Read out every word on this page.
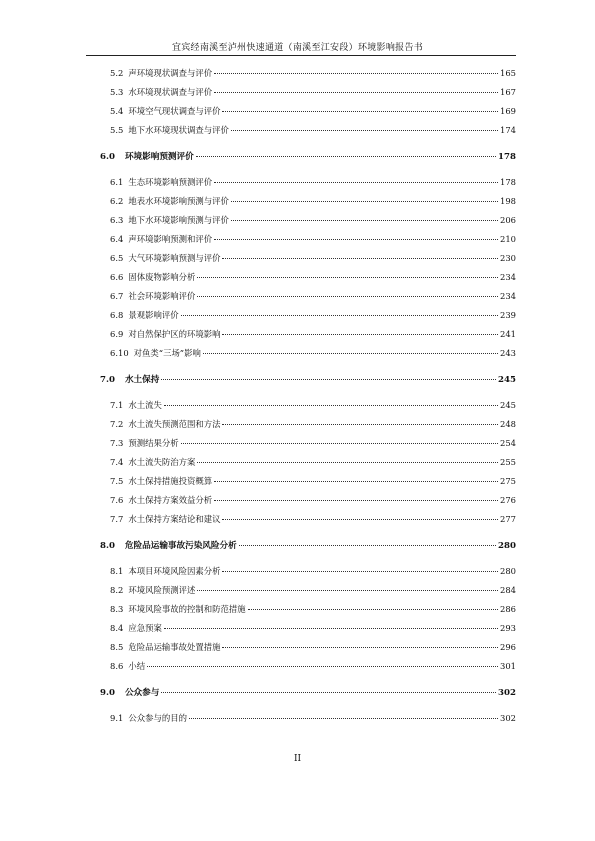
宜宾经南溪至泸州快速通道（南溪至江安段）环境影响报告书
5.2 声环境现状调查与评价	165
5.3 水环境现状调查与评价	167
5.4 环境空气现状调查与评价	169
5.5 地下水环境现状调查与评价	174
6.0 环境影响预测评价	178
6.1 生态环境影响预测评价	178
6.2 地表水环境影响预测与评价	198
6.3 地下水环境影响预测与评价	206
6.4 声环境影响预测和评价	210
6.5 大气环境影响预测与评价	230
6.6 固体废物影响分析	234
6.7 社会环境影响评价	234
6.8 景观影响评价	239
6.9 对自然保护区的环境影响	241
6.10 对鱼类“三场”影响	243
7.0 水土保持	245
7.1 水土流失	245
7.2 水土流失预测范围和方法	248
7.3 预测结果分析	254
7.4 水土流失防治方案	255
7.5 水土保持措施投资概算	275
7.6 水土保持方案效益分析	276
7.7 水土保持方案结论和建议	277
8.0 危险品运输事故污染风险分析	280
8.1 本项目环境风险因素分析	280
8.2 环境风险预测评述	284
8.3 环境风险事故的控制和防范措施	286
8.4 应急预案	293
8.5 危险品运输事故处置措施	296
8.6 小结	301
9.0 公众参与	302
9.1 公众参与的目的	302
II
